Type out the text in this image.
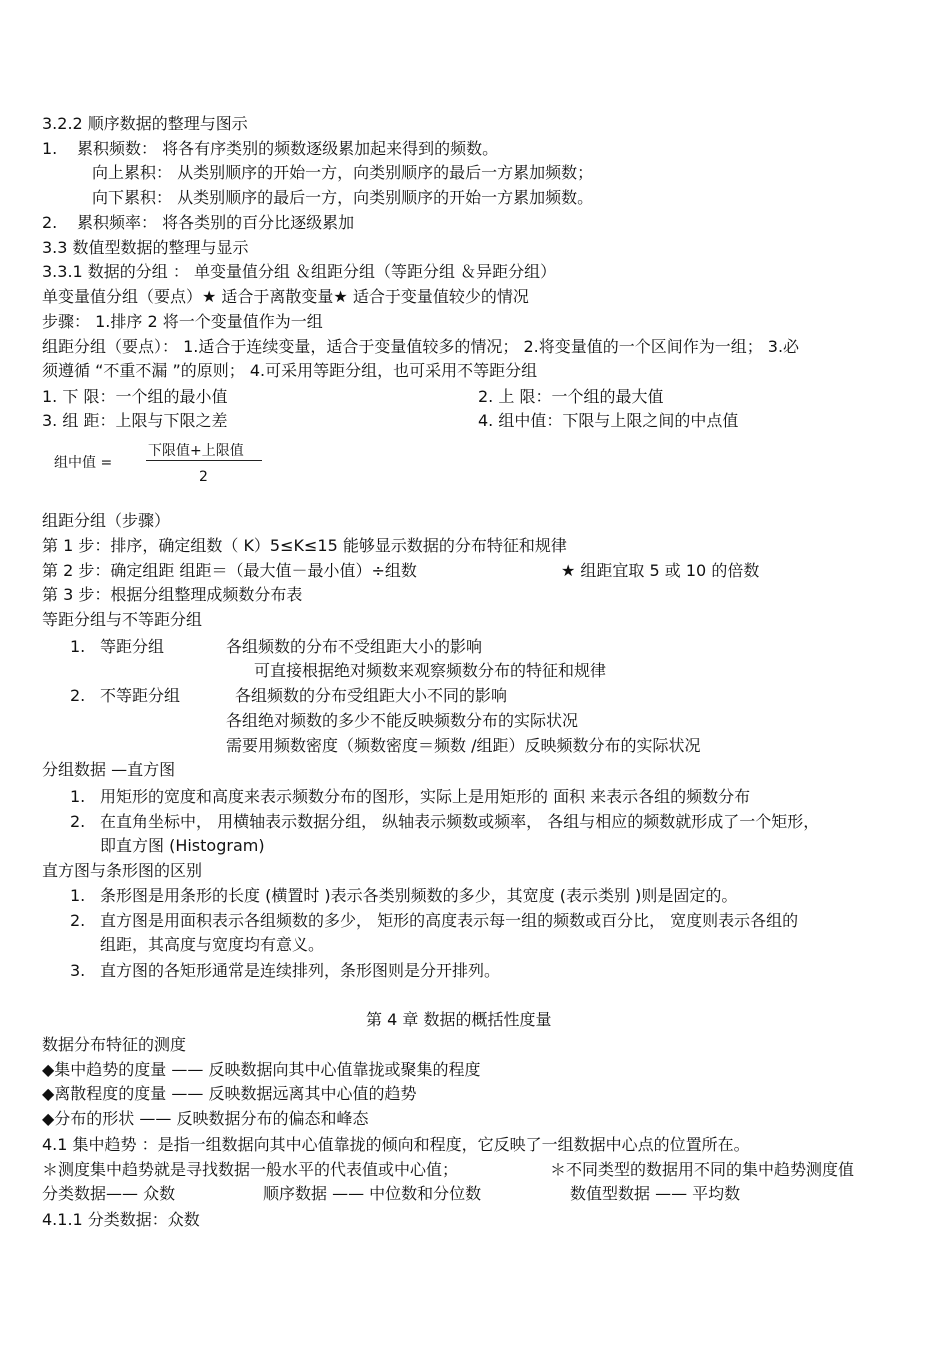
3.2.2 顺序数据的整理与图示
1. 累积频数： 将各有序类别的频数逐级累加起来得到的频数。
向上累积： 从类别顺序的开始一方，向类别顺序的最后一方累加频数；
向下累积： 从类别顺序的最后一方，向类别顺序的开始一方累加频数。
2. 累积频率： 将各类别的百分比逐级累加
3.3 数值型数据的整理与显示
3.3.1 数据的分组 ： 单变量值分组 ＆组距分组（等距分组 ＆异距分组）
单变量值分组（要点）★ 适合于离散变量★ 适合于变量值较少的情况
步骤： 1.排序 2 将一个变量值作为一组
组距分组（要点）： 1.适合于连续变量，适合于变量值较多的情况； 2.将变量值的一个区间作为一组； 3.必
须遵循 “不重不漏 ”的原则； 4.可采用等距分组，也可采用不等距分组
1. 下 限：一个组的最小值	2. 上 限：一个组的最大值
3. 组 距：上限与下限之差	4. 组中值：下限与上限之间的中点值
组中值 =
下限值+上限值
2
组距分组（步骤）
第 1 步：排序，确定组数（ K）5≤K≤15 能够显示数据的分布特征和规律
第 2 步：确定组距 组距＝（最大值－最小值）÷组数	★ 组距宜取 5 或 10 的倍数
第 3 步：根据分组整理成频数分布表
等距分组与不等距分组
1. 等距分组	各组频数的分布不受组距大小的影响
可直接根据绝对频数来观察频数分布的特征和规律
2. 不等距分组	各组频数的分布受组距大小不同的影响
各组绝对频数的多少不能反映频数分布的实际状况
需要用频数密度（频数密度＝频数 /组距）反映频数分布的实际状况
分组数据 —直方图
1. 用矩形的宽度和高度来表示频数分布的图形，实际上是用矩形的 面积 来表示各组的频数分布
2. 在直角坐标中， 用横轴表示数据分组， 纵轴表示频数或频率， 各组与相应的频数就形成了一个矩形，
即直方图 (Histogram)
直方图与条形图的区别
1. 条形图是用条形的长度 (横置时 )表示各类别频数的多少，其宽度 (表示类别 )则是固定的。
2. 直方图是用面积表示各组频数的多少， 矩形的高度表示每一组的频数或百分比， 宽度则表示各组的
组距，其高度与宽度均有意义。
3. 直方图的各矩形通常是连续排列，条形图则是分开排列。
第 4 章 数据的概括性度量
数据分布特征的测度
◆集中趋势的度量 —— 反映数据向其中心值靠拢或聚集的程度
◆离散程度的度量 —— 反映数据远离其中心值的趋势
◆分布的形状 —— 反映数据分布的偏态和峰态
4.1 集中趋势 ：是指一组数据向其中心值靠拢的倾向和程度，它反映了一组数据中心点的位置所在。
＊测度集中趋势就是寻找数据一般水平的代表值或中心值；	＊不同类型的数据用不同的集中趋势测度值
分类数据—— 众数	顺序数据 —— 中位数和分位数	数值型数据 —— 平均数
4.1.1 分类数据：众数
